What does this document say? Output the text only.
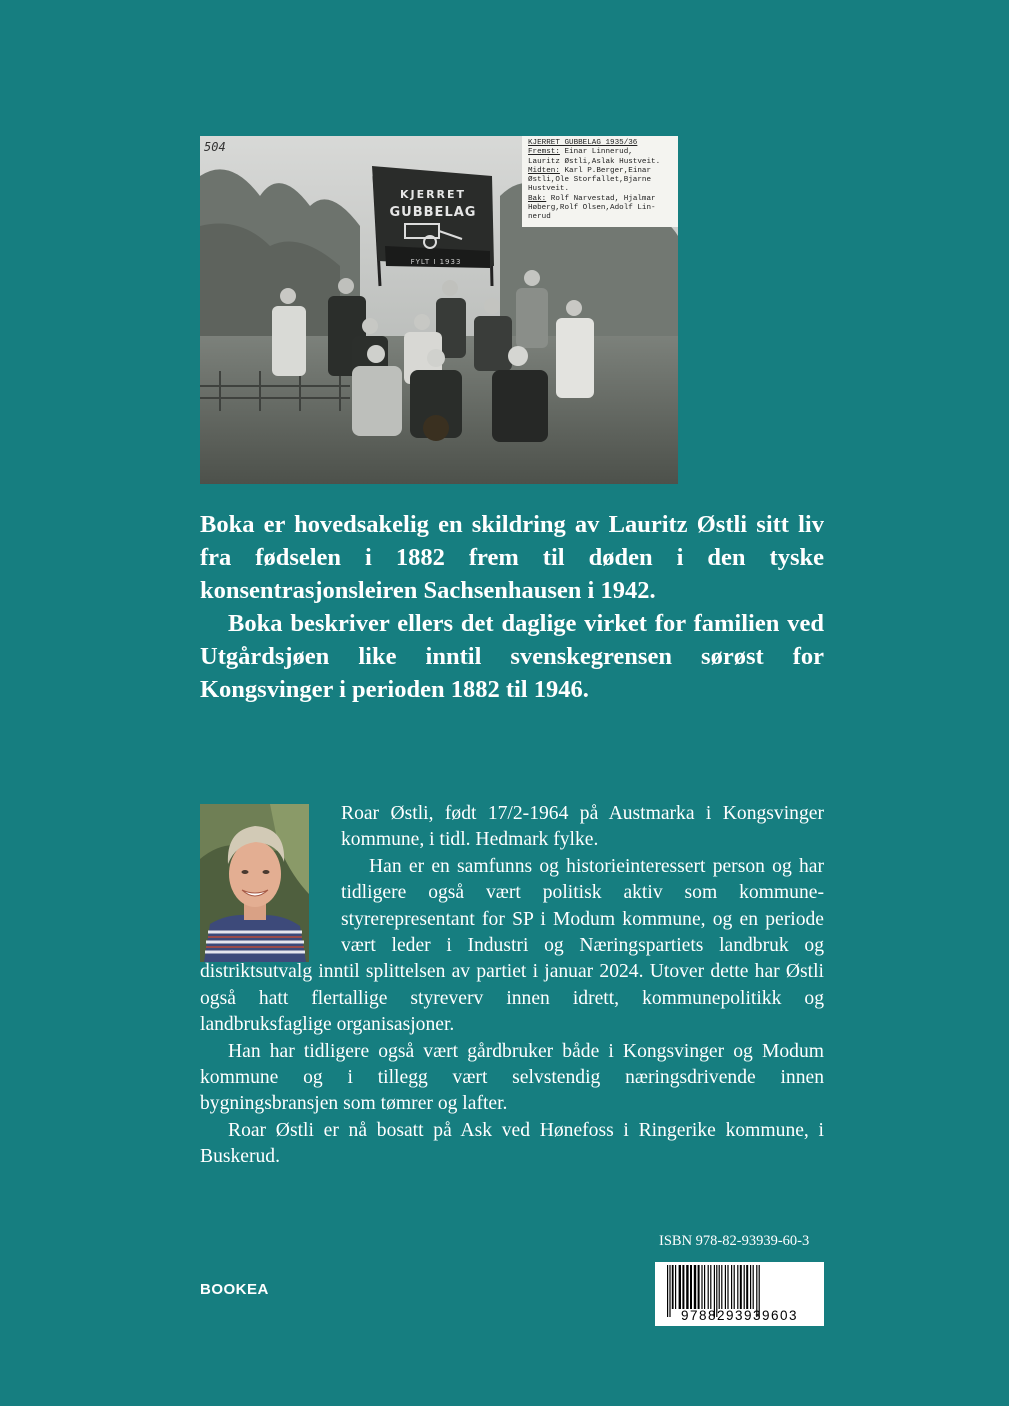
KJERRET
GUBBELAG
FYLT I 1933
504	KJERRET GUBBELAG 1935/36
Fremst: Einar Linnerud,
Lauritz Østli,Aslak Hustveit.
Midten: Karl P.Berger,Einar
Østli,Ole Storfallet,Bjarne
Hustveit.
Bak: Rolf Narvestad, Hjalmar
Høberg,Rolf Olsen,Adolf Lin-
nerud

Boka er hovedsakelig en skildring av Lauritz Østli sitt liv fra fødselen i 1882 frem til døden i den tyske konsentrasjonsleiren Sachsenhausen i 1942.

Boka beskriver ellers det daglige virket for familien ved Utgårdsjøen like inntil svenskegrensen sørøst for Kongsvinger i perioden 1882 til 1946.

Roar Østli, født 17/2-1964 på Austmarka i Kongsvinger kommune, i tidl. Hedmark fylke.

Han er en samfunns og historieinteressert person og har tidligere også vært politisk aktiv som kommunestyrerepresentant for SP i Modum kommune, og en periode vært leder i Industri og Næringspartiets landbruk og distriktsutvalg inntil splittelsen av partiet i januar 2024. Utover dette har Østli også hatt flertallige styreverv innen idrett, kommunepolitikk og landbruksfaglige organisasjoner.

Han har tidligere også vært gårdbruker både i Kongsvinger og Modum kommune og i tillegg vært selvstendig næringsdrivende innen bygningsbransjen som tømrer og lafter.

Roar Østli er nå bosatt på Ask ved Hønefoss i Ringerike kommune, i Buskerud.

ISBN 978-82-93939-60-3
9788293939603
BOOKEA
